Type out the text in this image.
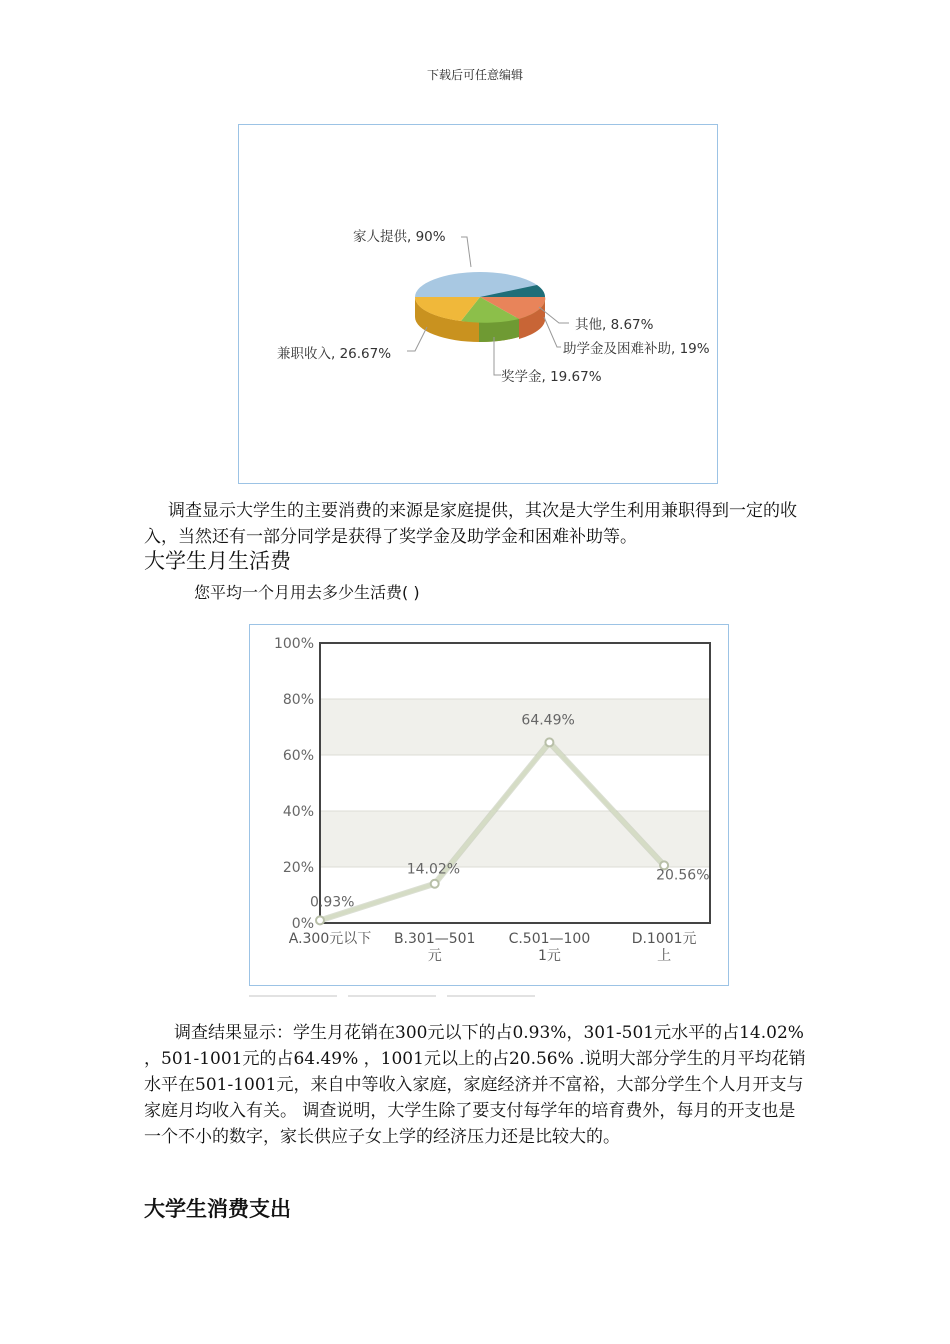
下载后可任意编辑
家人提供, 90%
其他, 8.67%
助学金及困难补助, 19%
奖学金, 19.67%
兼职收入, 26.67%

调查显示大学生的主要消费的来源是家庭提供，其次是大学生利用兼职得到一定的收入，当然还有一部分同学是获得了奖学金及助学金和困难补助等。

大学生月生活费

您平均一个月用去多少生活费( )

0%
20%
40%
60%
80%
100%
0.93%
14.02%
64.49%
20.56%
A.300元以下 B.301—501
元
C.501—100
1元
D.1001元
上

调查结果显示：学生月花销在300元以下的占0.93%，301-501元水平的占14.02% ，501-1001元的占64.49% ，1001元以上的占20.56% .说明大部分学生的月平均花销水平在501-1001元，来自中等收入家庭，家庭经济并不富裕，大部分学生个人月开支与家庭月均收入有关。 调查说明，大学生除了要支付每学年的培育费外，每月的开支也是一个不小的数字，家长供应子女上学的经济压力还是比较大的。

大学生消费支出
